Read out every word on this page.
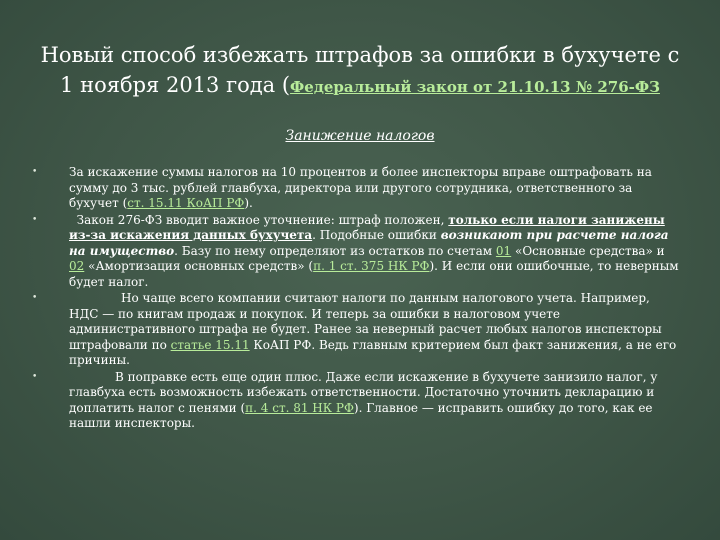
Новый способ избежать штрафов за ошибки в бухучете с
1 ноября 2013 года (Федеральный закон от 21.10.13 № 276-ФЗ
Занижение налогов
•	За искажение суммы налогов на 10 процентов и более инспекторы вправе оштрафовать на сумму до 3 тыс. рублей главбуха, директора или другого сотрудника, ответственного за бухучет (ст. 15.11 КоАП РФ).
•	Закон 276-ФЗ вводит важное уточнение: штраф положен, только если налоги занижены из-за искажения данных бухучета. Подобные ошибки возникают при расчете налога на имущество. Базу по нему определяют из остатков по счетам 01 «Основные средства» и 02 «Амортизация основных средств» (п. 1 ст. 375 НК РФ). И если они ошибочные, то неверным будет налог.
•	Но чаще всего компании считают налоги по данным налогового учета. Например, НДС — по книгам продаж и покупок. И теперь за ошибки в налоговом учете административного штрафа не будет. Ранее за неверный расчет любых налогов инспекторы штрафовали по статье 15.11 КоАП РФ. Ведь главным критерием был факт занижения, а не его причины.
•	В поправке есть еще один плюс. Даже если искажение в бухучете занизило налог, у главбуха есть возможность избежать ответственности. Достаточно уточнить декларацию и доплатить налог с пенями (п. 4 ст. 81 НК РФ). Главное — исправить ошибку до того, как ее нашли инспекторы.
